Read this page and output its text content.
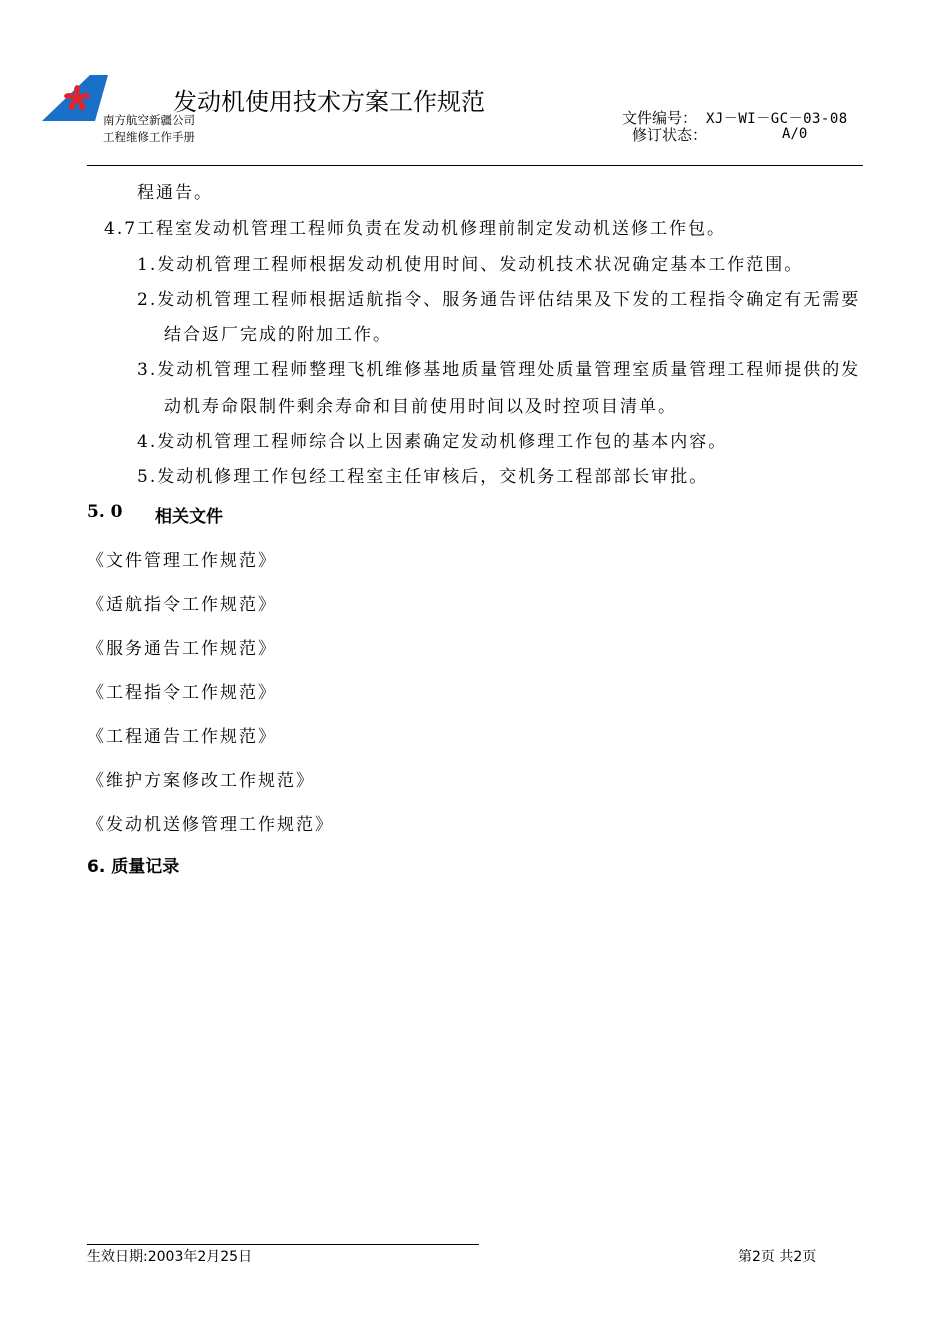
发动机使用技术方案工作规范
南方航空新疆公司
工程维修工作手册
文件编号： XJ－WI－GC－03-08
修订状态：	A/0
程通告。
4.7工程室发动机管理工程师负责在发动机修理前制定发动机送修工作包。
1.发动机管理工程师根据发动机使用时间、发动机技术状况确定基本工作范围。
2.发动机管理工程师根据适航指令、服务通告评估结果及下发的工程指令确定有无需要
结合返厂完成的附加工作。
3.发动机管理工程师整理飞机维修基地质量管理处质量管理室质量管理工程师提供的发
动机寿命限制件剩余寿命和目前使用时间以及时控项目清单。
4.发动机管理工程师综合以上因素确定发动机修理工作包的基本内容。
5.发动机修理工作包经工程室主任审核后，交机务工程部部长审批。
5. 0 相关文件
《文件管理工作规范》
《适航指令工作规范》
《服务通告工作规范》
《工程指令工作规范》
《工程通告工作规范》
《维护方案修改工作规范》
《发动机送修管理工作规范》
6. 质量记录
生效日期:2003年2月25日	第2页 共2页
